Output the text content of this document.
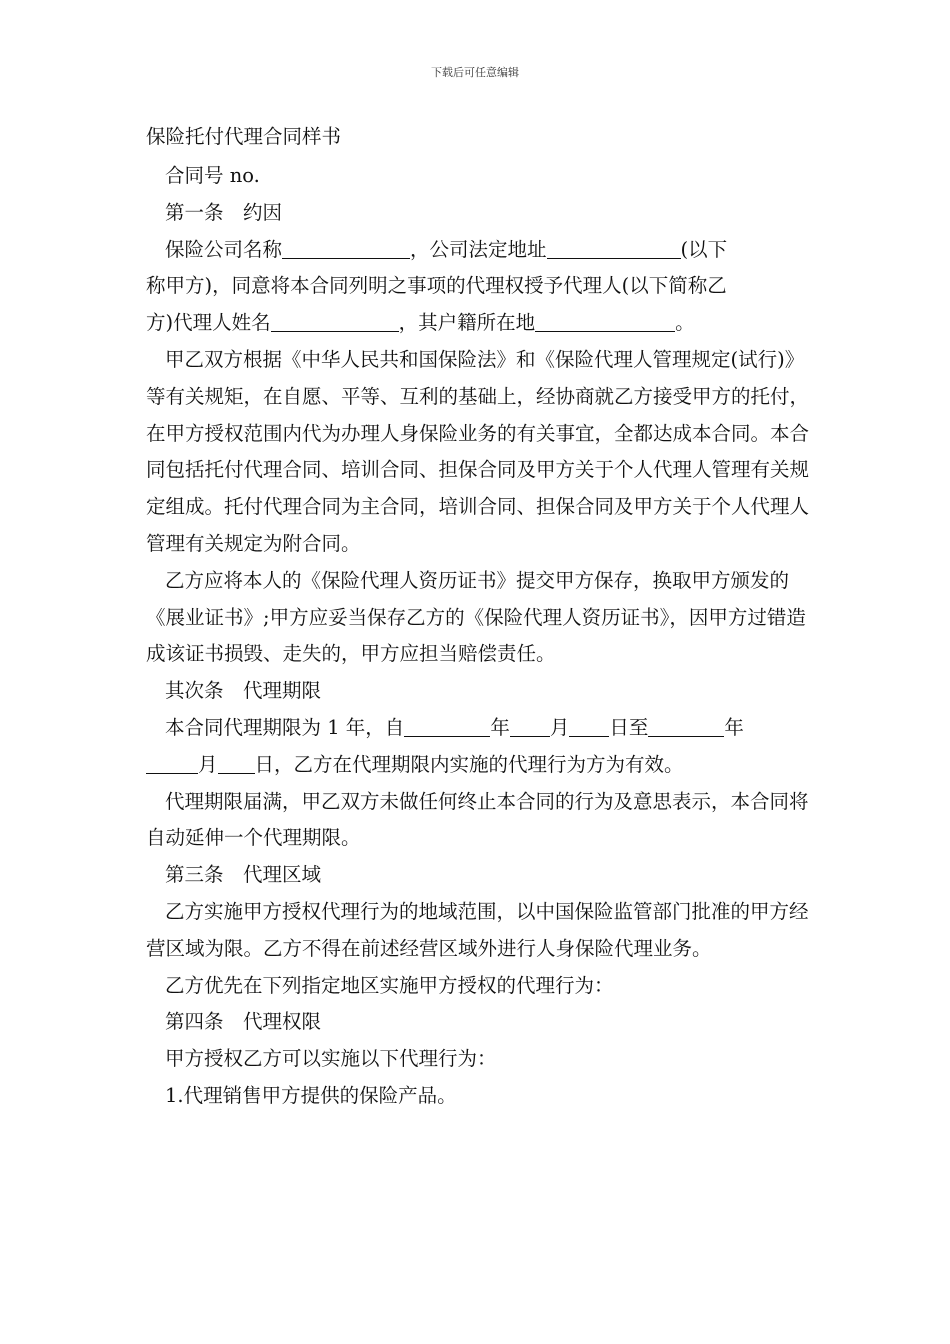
下载后可任意编辑

保险托付代理合同样书

合同号 no.

第一条　约因

保险公司名称	，公司法定地址	(以下
称甲方)，同意将本合同列明之事项的代理权授予代理人(以下简称乙
方)代理人姓名	，其户籍所在地	。

甲乙双方根据《中华人民共和国保险法》和《保险代理人管理规定(试行)》等有关规矩，在自愿、平等、互利的基础上，经协商就乙方接受甲方的托付，在甲方授权范围内代为办理人身保险业务的有关事宜，全都达成本合同。本合同包括托付代理合同、培训合同、担保合同及甲方关于个人代理人管理有关规定组成。托付代理合同为主合同，培训合同、担保合同及甲方关于个人代理人管理有关规定为附合同。

乙方应将本人的《保险代理人资历证书》提交甲方保存，换取甲方颁发的《展业证书》;甲方应妥当保存乙方的《保险代理人资历证书》，因甲方过错造成该证书损毁、走失的，甲方应担当赔偿责任。

其次条　代理期限

本合同代理期限为 1 年，自	年 月 日至	年
月 日，乙方在代理期限内实施的代理行为方为有效。

代理期限届满，甲乙双方未做任何终止本合同的行为及意思表示，本合同将自动延伸一个代理期限。

第三条　代理区域

乙方实施甲方授权代理行为的地域范围，以中国保险监管部门批准的甲方经营区域为限。乙方不得在前述经营区域外进行人身保险代理业务。

乙方优先在下列指定地区实施甲方授权的代理行为：

第四条　代理权限

甲方授权乙方可以实施以下代理行为：

1.代理销售甲方提供的保险产品。
